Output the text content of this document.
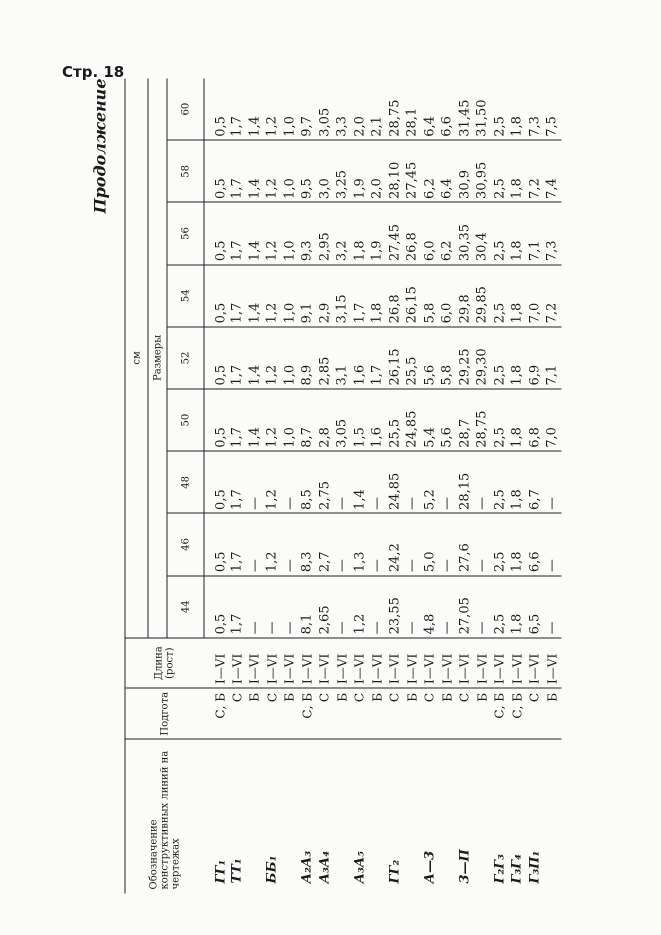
Стр. 18
Продолжение
Обозначение конструктивных линий на чертежах	Подгота	Длина (рост)	см								
			Размеры								
			44	46	48	50	52	54	56	58	60
ГГ₁	С, Б	I—VI	0,5	0,5	0,5	0,5	0,5	0,5	0,5	0,5	0,5
ТТ₁	С	I—VI	1,7	1,7	1,7	1,7	1,7	1,7	1,7	1,7	1,7
	Б	I—VI	—	—	—	1,4	1,4	1,4	1,4	1,4	1,4
ББ₁	С	I—VI	—	1,2	1,2	1,2	1,2	1,2	1,2	1,2	1,2
	Б	I—VI	—	—	—	1,0	1,0	1,0	1,0	1,0	1,0
А₂А₃	С, Б	I—VI	8,1	8,3	8,5	8,7	8,9	9,1	9,3	9,5	9,7
А₃А₄	С	I—VI	2,65	2,7	2,75	2,8	2,85	2,9	2,95	3,0	3,05
	Б	I—VI	—	—	—	3,05	3,1	3,15	3,2	3,25	3,3
А₃А₅	С	I—VI	1,2	1,3	1,4	1,5	1,6	1,7	1,8	1,9	2,0
	Б	I—VI	—	—	—	1,6	1,7	1,8	1,9	2,0	2,1
ГГ₂	С	I—VI	23,55	24,2	24,85	25,5	26,15	26,8	27,45	28,10	28,75
	Б	I—VI	—	—	—	24,85	25,5	26,15	26,8	27,45	28,1
А—3	С	I—VI	4,8	5,0	5,2	5,4	5,6	5,8	6,0	6,2	6,4
	Б	I—VI	—	—	—	5,6	5,8	6,0	6,2	6,4	6,6
3—П	С	I—VI	27,05	27,6	28,15	28,7	29,25	29,8	30,35	30,9	31,45
	Б	I—VI	—	—	—	28,75	29,30	29,85	30,4	30,95	31,50
Г₂Г₃	С, Б	I—VI	2,5	2,5	2,5	2,5	2,5	2,5	2,5	2,5	2,5
Г₃Г₄	С, Б	I—VI	1,8	1,8	1,8	1,8	1,8	1,8	1,8	1,8	1,8
Г₃П₁	С	I—VI	6,5	6,6	6,7	6,8	6,9	7,0	7,1	7,2	7,3
	Б	I—VI	—	—	—	7,0	7,1	7,2	7,3	7,4	7,5
